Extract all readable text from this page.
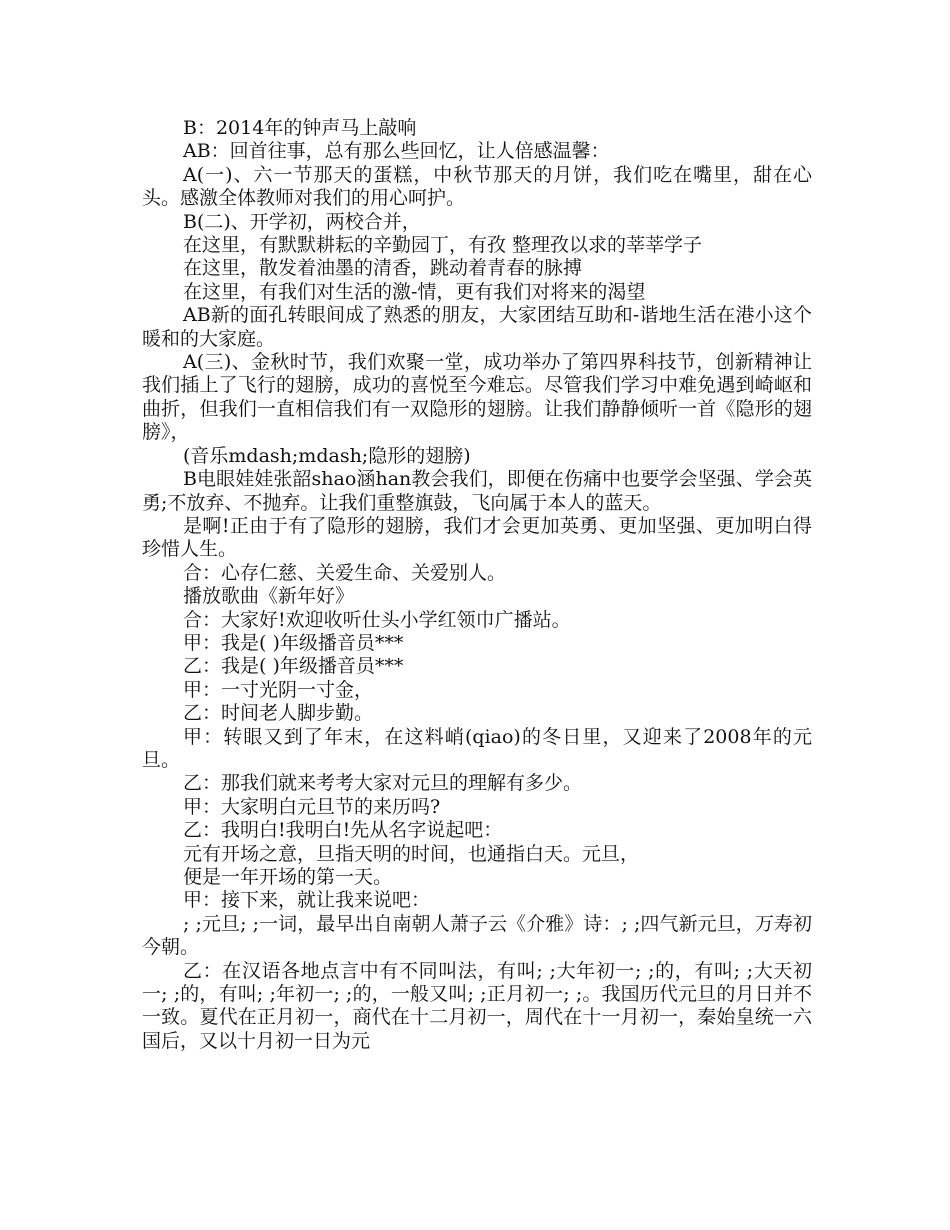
B：2014年的钟声马上敲响

AB：回首往事，总有那么些回忆，让人倍感温馨：

A(一)、六一节那天的蛋糕，中秋节那天的月饼，我们吃在嘴里，甜在心头。感激全体教师对我们的用心呵护。

B(二)、开学初，两校合并，

在这里，有默默耕耘的辛勤园丁，有孜 整理孜以求的莘莘学子

在这里，散发着油墨的清香，跳动着青春的脉搏

在这里，有我们对生活的激-情，更有我们对将来的渴望

AB新的面孔转眼间成了熟悉的朋友，大家团结互助和-谐地生活在港小这个暖和的大家庭。

A(三)、金秋时节，我们欢聚一堂，成功举办了第四界科技节，创新精神让我们插上了飞行的翅膀，成功的喜悦至今难忘。尽管我们学习中难免遇到崎岖和曲折，但我们一直相信我们有一双隐形的翅膀。让我们静静倾听一首《隐形的翅膀》，

(音乐mdash;mdash;隐形的翅膀)

B电眼娃娃张韶shao涵han教会我们，即便在伤痛中也要学会坚强、学会英勇;不放弃、不抛弃。让我们重整旗鼓，飞向属于本人的蓝天。

是啊!正由于有了隐形的翅膀，我们才会更加英勇、更加坚强、更加明白得珍惜人生。

合：心存仁慈、关爱生命、关爱别人。

播放歌曲《新年好》

合：大家好!欢迎收听仕头小学红领巾广播站。

甲：我是( )年级播音员***

乙：我是( )年级播音员***

甲：一寸光阴一寸金，

乙：时间老人脚步勤。

甲：转眼又到了年末，在这料峭(qiao)的冬日里，又迎来了2008年的元旦。

乙：那我们就来考考大家对元旦的理解有多少。

甲：大家明白元旦节的来历吗?

乙：我明白!我明白!先从名字说起吧：

元有开场之意，旦指天明的时间，也通指白天。元旦，

便是一年开场的第一天。

甲：接下来，就让我来说吧：

; ;元旦; ;一词，最早出自南朝人萧子云《介雅》诗：; ;四气新元旦，万寿初今朝。

乙：在汉语各地点言中有不同叫法，有叫; ;大年初一; ;的，有叫; ;大天初一; ;的，有叫; ;年初一; ;的，一般又叫; ;正月初一; ;。我国历代元旦的月日并不一致。夏代在正月初一，商代在十二月初一，周代在十一月初一，秦始皇统一六国后，又以十月初一日为元
